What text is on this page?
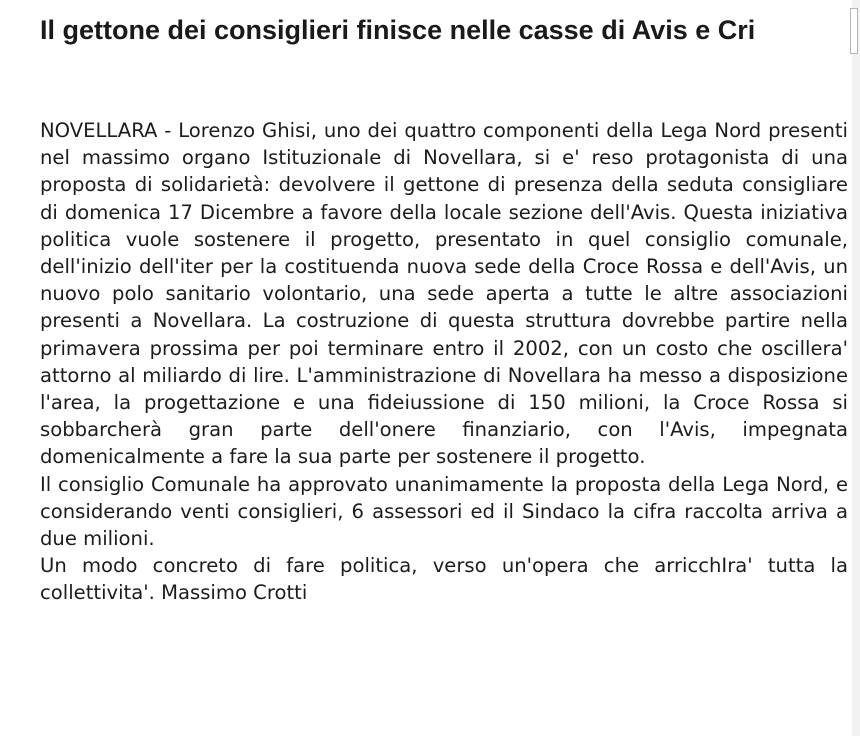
Il gettone dei consiglieri finisce nelle casse di Avis e Cri

NOVELLARA - Lorenzo Ghisi, uno dei quattro componenti della Lega Nord presenti nel massimo organo Istituzionale di Novellara, si e' reso protagonista di una proposta di solidarietà: devolvere il gettone di presenza della seduta consigliare di domenica 17 Dicembre a favore della locale sezione dell'Avis. Questa iniziativa politica vuole sostenere il progetto, presentato in quel consiglio comunale, dell'inizio dell'iter per la costituenda nuova sede della Croce Rossa e dell'Avis, un nuovo polo sanitario volontario, una sede aperta a tutte le altre associazioni presenti a Novellara. La costruzione di questa struttura dovrebbe partire nella primavera prossima per poi terminare entro il 2002, con un costo che oscillera' attorno al miliardo di lire. L'amministrazione di Novellara ha messo a disposizione l'area, la progettazione e una fideiussione di 150 milioni, la Croce Rossa si sobbarcherà gran parte dell'onere finanziario, con l'Avis, impegnata domenicalmente a fare la sua parte per sostenere il progetto.

Il consiglio Comunale ha approvato unanimamente la proposta della Lega Nord, e considerando venti consiglieri, 6 assessori ed il Sindaco la cifra raccolta arriva a due milioni.

Un modo concreto di fare politica, verso un'opera che arricchIra' tutta la collettivita'. Massimo Crotti
